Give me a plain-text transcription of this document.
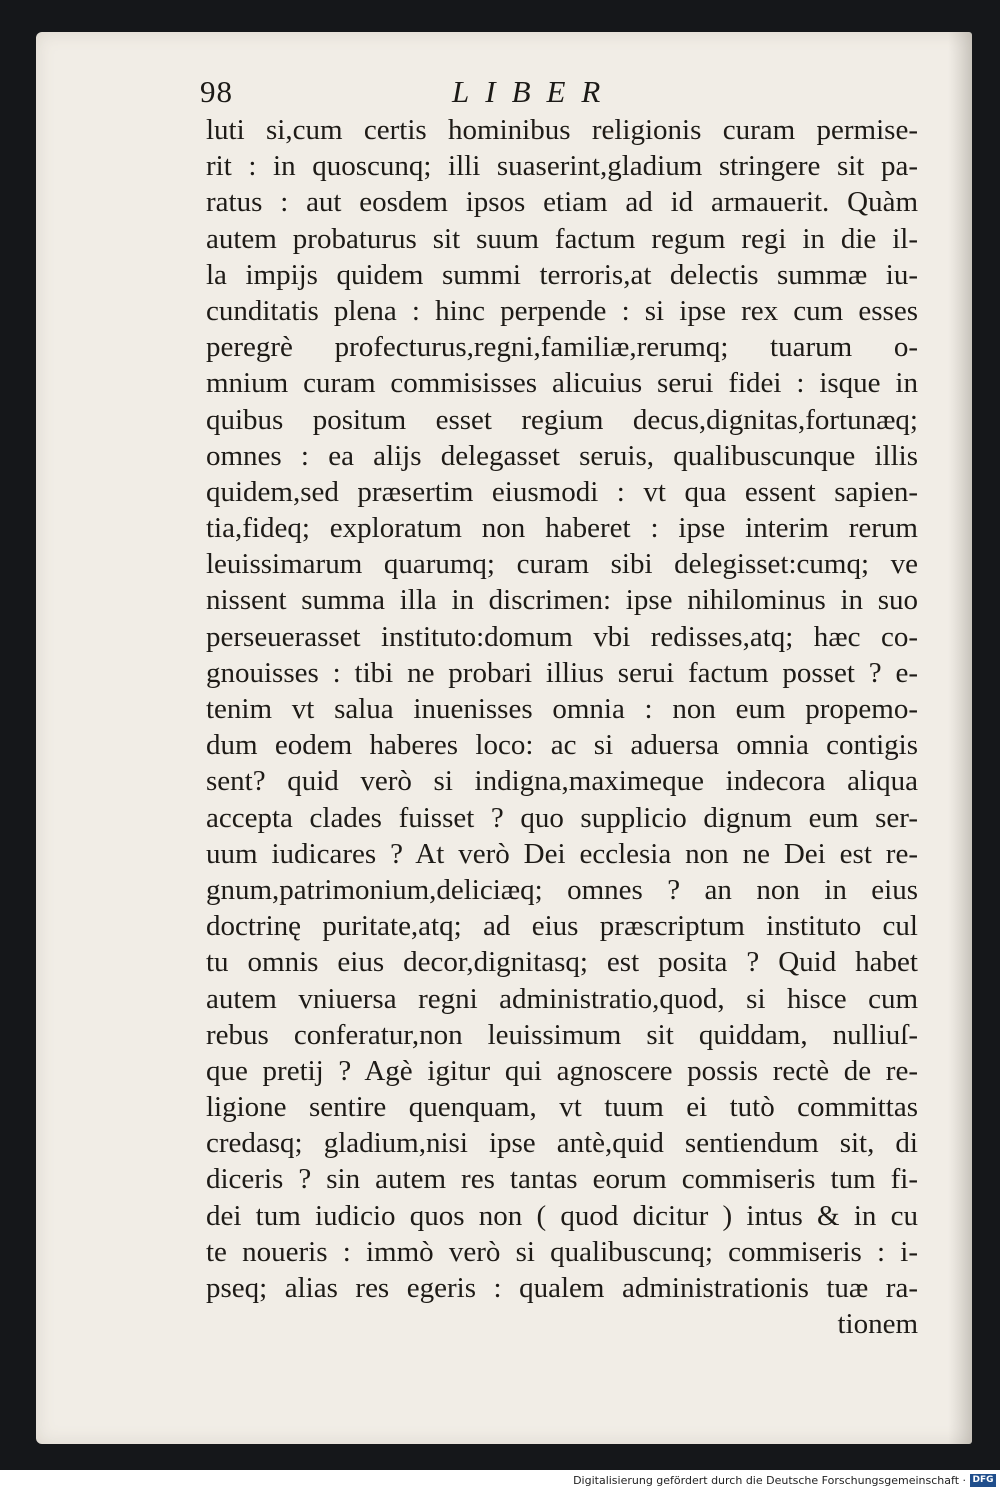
98	LIBER
luti si,cum certis hominibus religionis curam permise-
rit : in quoscunq; illi suaserint,gladium stringere sit pa-
ratus : aut eosdem ipsos etiam ad id armauerit. Quàm
autem probaturus sit suum factum regum regi in die il-
la impijs quidem summi terroris,at delectis summæ iu-
cunditatis plena : hinc perpende : si ipse rex cum esses
peregrè profecturus,regni,familiæ,rerumq; tuarum o-
mnium curam commisisses alicuius serui fidei : isque in
quibus positum esset regium decus,dignitas,fortunæq;
omnes : ea alijs delegasset seruis, qualibuscunque illis
quidem,sed præsertim eiusmodi : vt qua essent sapien-
tia,fideq; exploratum non haberet : ipse interim rerum
leuissimarum quarumq; curam sibi delegisset:cumq; ve
nissent summa illa in discrimen: ipse nihilominus in suo
perseuerasset instituto:domum vbi redisses,atq; hæc co-
gnouisses : tibi ne probari illius serui factum posset ? e-
tenim vt salua inuenisses omnia : non eum propemo-
dum eodem haberes loco: ac si aduersa omnia contigis
sent? quid verò si indigna,maximeque indecora aliqua
accepta clades fuisset ? quo supplicio dignum eum ser-
uum iudicares ? At verò Dei ecclesia non ne Dei est re-
gnum,patrimonium,deliciæq; omnes ? an non in eius
doctrinę puritate,atq; ad eius præscriptum instituto cul
tu omnis eius decor,dignitasq; est posita ? Quid habet
autem vniuersa regni administratio,quod, si hisce cum
rebus conferatur,non leuissimum sit quiddam, nulliuſ-
que pretij ? Agè igitur qui agnoscere possis rectè de re-
ligione sentire quenquam, vt tuum ei tutò committas
credasq; gladium,nisi ipse antè,quid sentiendum sit, di
diceris ? sin autem res tantas eorum commiseris tum fi-
dei tum iudicio quos non ( quod dicitur ) intus & in cu
te noueris : immò verò si qualibuscunq; commiseris : i-
pseq; alias res egeris : qualem administrationis tuæ ra-
tionem
Digitalisierung gefördert durch die Deutsche Forschungsgemeinschaft · DFG
